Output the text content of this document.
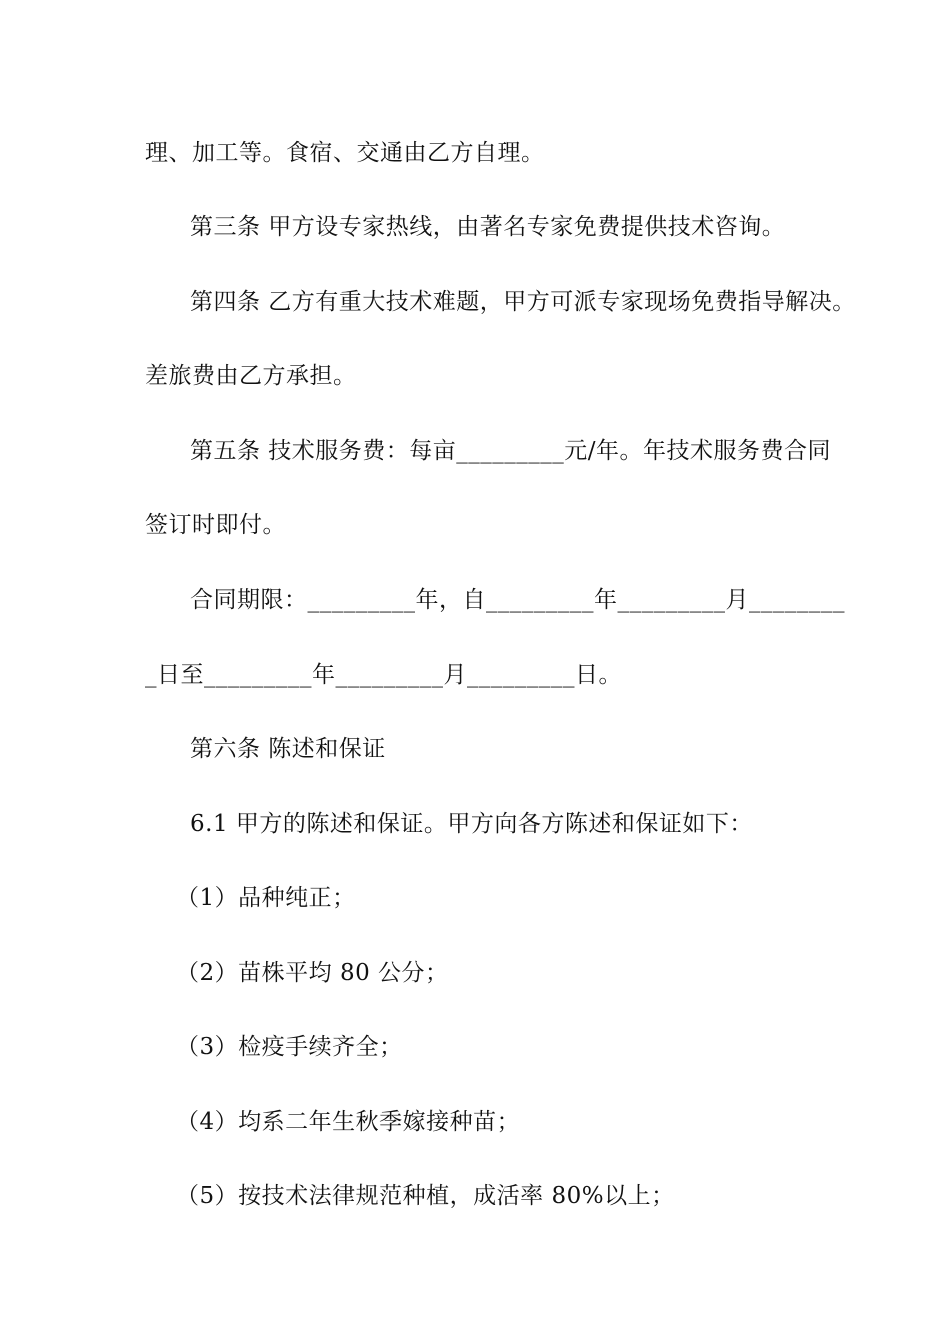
理、加工等。食宿、交通由乙方自理。
第三条 甲方设专家热线，由著名专家免费提供技术咨询。
第四条 乙方有重大技术难题，甲方可派专家现场免费指导解决。
差旅费由乙方承担。
第五条 技术服务费：每亩_________元/年。年技术服务费合同
签订时即付。
合同期限：_________年，自_________年_________月________
_日至_________年_________月_________日。
第六条 陈述和保证
6.1 甲方的陈述和保证。甲方向各方陈述和保证如下：
（1）品种纯正；
（2）苗株平均 80 公分；
（3）检疫手续齐全；
（4）均系二年生秋季嫁接种苗；
（5）按技术法律规范种植，成活率 80%以上；
